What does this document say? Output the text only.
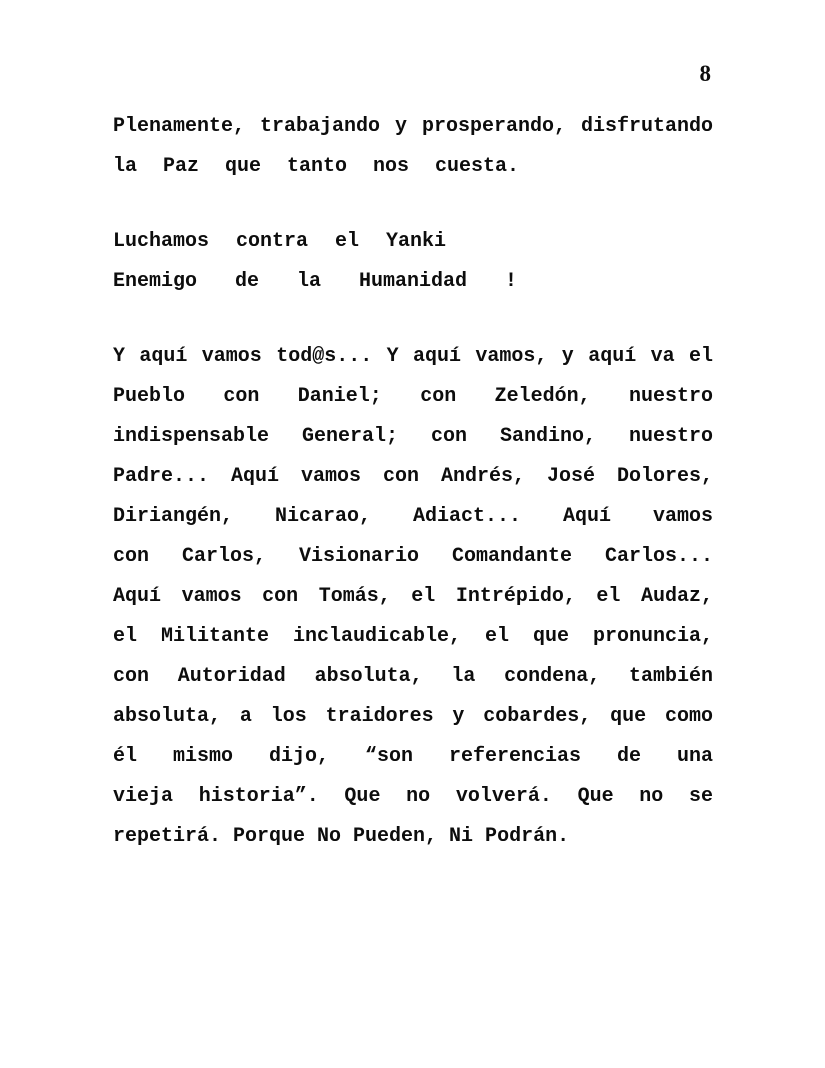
8
Plenamente, trabajando y prosperando, disfrutando
la Paz que tanto nos cuesta.
Luchamos contra el Yanki
Enemigo de la Humanidad !
Y aquí vamos tod@s... Y aquí vamos, y aquí va el
Pueblo con Daniel; con Zeledón, nuestro
indispensable General; con Sandino, nuestro
Padre... Aquí vamos con Andrés, José Dolores,
Diriangén, Nicarao, Adiact... Aquí vamos
con Carlos, Visionario Comandante Carlos...
Aquí vamos con Tomás, el Intrépido, el Audaz,
el Militante inclaudicable, el que pronuncia,
con Autoridad absoluta, la condena, también
absoluta, a los traidores y cobardes, que como
él mismo dijo, “son referencias de una
vieja historia”. Que no volverá. Que no se
repetirá. Porque No Pueden, Ni Podrán.
